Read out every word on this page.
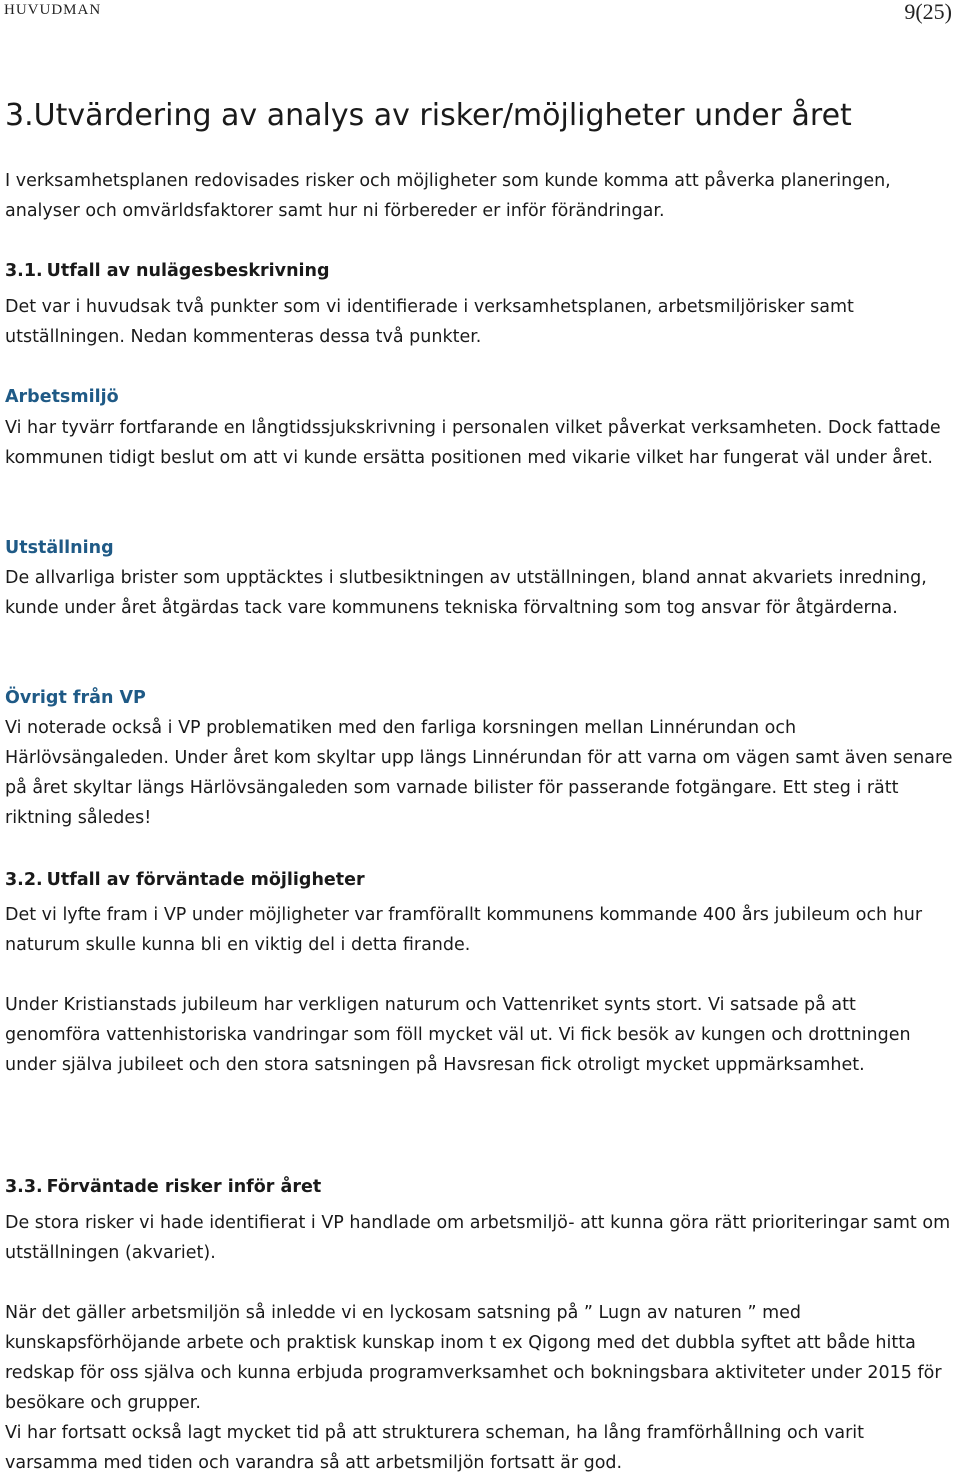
HUVUDMAN	9(25)
3.Utvärdering av analys av risker/möjligheter under året

I verksamhetsplanen redovisades risker och möjligheter som kunde komma att påverka planeringen, analyser och omvärldsfaktorer samt hur ni förbereder er inför förändringar.

3.1. Utfall av nulägesbeskrivning

Det var i huvudsak två punkter som vi identifierade i verksamhetsplanen, arbetsmiljörisker samt utställningen. Nedan kommenteras dessa två punkter.

Arbetsmiljö

Vi har tyvärr fortfarande en långtidssjukskrivning i personalen vilket påverkat verksamheten. Dock fattade kommunen tidigt beslut om att vi kunde ersätta positionen med vikarie vilket har fungerat väl under året.

Utställning

De allvarliga brister som upptäcktes i slutbesiktningen av utställningen, bland annat akvariets inredning, kunde under året åtgärdas tack vare kommunens tekniska förvaltning som tog ansvar för åtgärderna.

Övrigt från VP

Vi noterade också i VP problematiken med den farliga korsningen mellan Linnérundan och Härlövsängaleden. Under året kom skyltar upp längs Linnérundan för att varna om vägen samt även senare på året skyltar längs Härlövsängaleden som varnade bilister för passerande fotgängare. Ett steg i rätt riktning således!

3.2. Utfall av förväntade möjligheter

Det vi lyfte fram i VP under möjligheter var framförallt kommunens kommande 400 års jubileum och hur naturum skulle kunna bli en viktig del i detta firande.

Under Kristianstads jubileum har verkligen naturum och Vattenriket synts stort. Vi satsade på att genomföra vattenhistoriska vandringar som föll mycket väl ut. Vi fick besök av kungen och drottningen under själva jubileet och den stora satsningen på Havsresan fick otroligt mycket uppmärksamhet.

3.3. Förväntade risker inför året

De stora risker vi hade identifierat i VP handlade om arbetsmiljö- att kunna göra rätt prioriteringar samt om utställningen (akvariet).

När det gäller arbetsmiljön så inledde vi en lyckosam satsning på ” Lugn av naturen ” med kunskapsförhöjande arbete och praktisk kunskap inom t ex Qigong med det dubbla syftet att både hitta redskap för oss själva och kunna erbjuda programverksamhet och bokningsbara aktiviteter under 2015 för besökare och grupper.

Vi har fortsatt också lagt mycket tid på att strukturera scheman, ha lång framförhållning och varit varsamma med tiden och varandra så att arbetsmiljön fortsatt är god.
